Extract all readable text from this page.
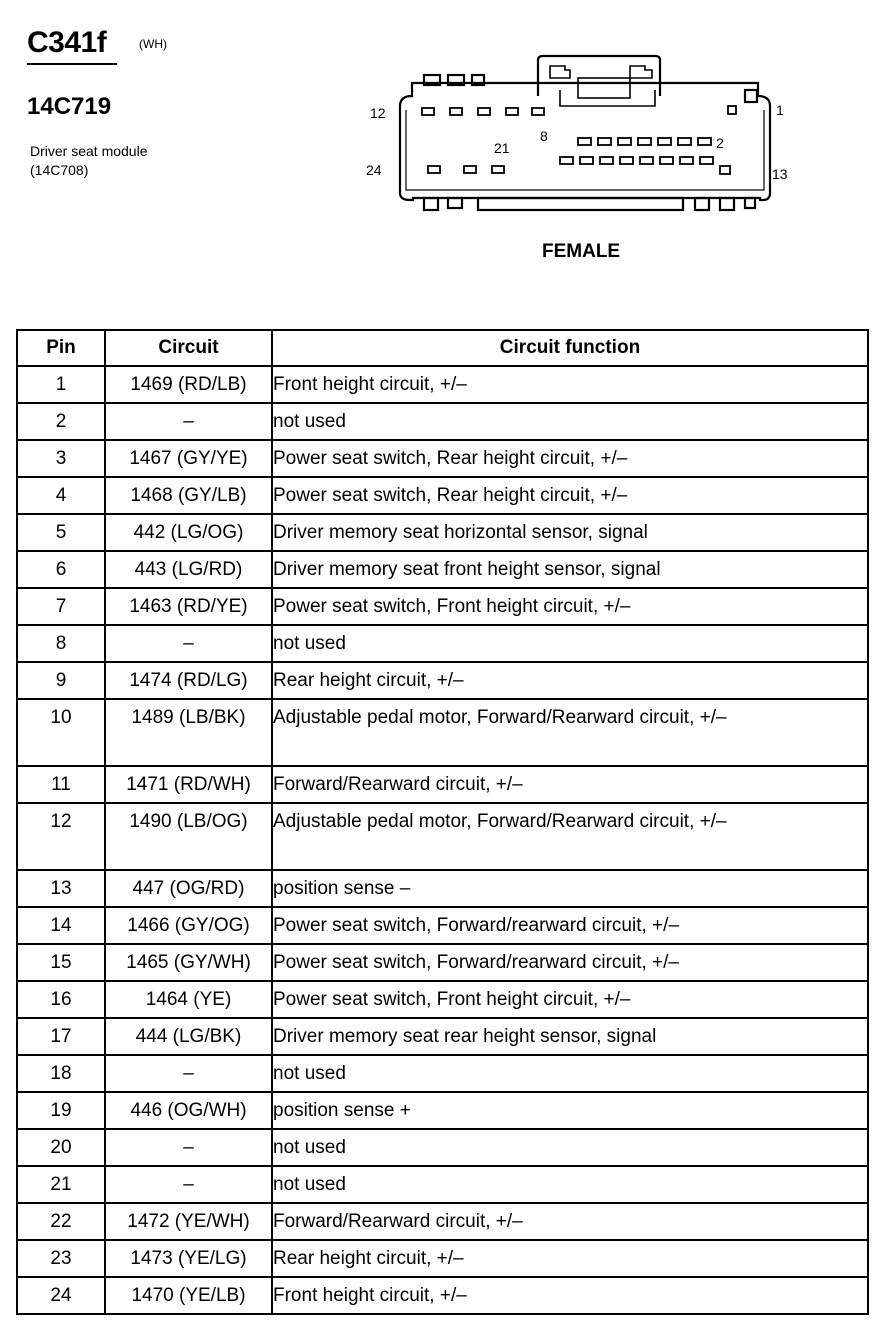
C341f	(WH)
14C719
Driver seat module
(14C708)
12	1
8
21	2
24	13
FEMALE
Pin	Circuit	Circuit function
1	1469 (RD/LB)	Front height circuit, +/–
2	–	not used
3	1467 (GY/YE)	Power seat switch, Rear height circuit, +/–
4	1468 (GY/LB)	Power seat switch, Rear height circuit, +/–
5	442 (LG/OG)	Driver memory seat horizontal sensor, signal
6	443 (LG/RD)	Driver memory seat front height sensor, signal
7	1463 (RD/YE)	Power seat switch, Front height circuit, +/–
8	–	not used
9	1474 (RD/LG)	Rear height circuit, +/–
10	1489 (LB/BK)	Adjustable pedal motor, Forward/Rearward circuit, +/–
11	1471 (RD/WH)	Forward/Rearward circuit, +/–
12	1490 (LB/OG)	Adjustable pedal motor, Forward/Rearward circuit, +/–
13	447 (OG/RD)	position sense –
14	1466 (GY/OG)	Power seat switch, Forward/rearward circuit, +/–
15	1465 (GY/WH)	Power seat switch, Forward/rearward circuit, +/–
16	1464 (YE)	Power seat switch, Front height circuit, +/–
17	444 (LG/BK)	Driver memory seat rear height sensor, signal
18	–	not used
19	446 (OG/WH)	position sense +
20	–	not used
21	–	not used
22	1472 (YE/WH)	Forward/Rearward circuit, +/–
23	1473 (YE/LG)	Rear height circuit, +/–
24	1470 (YE/LB)	Front height circuit, +/–
